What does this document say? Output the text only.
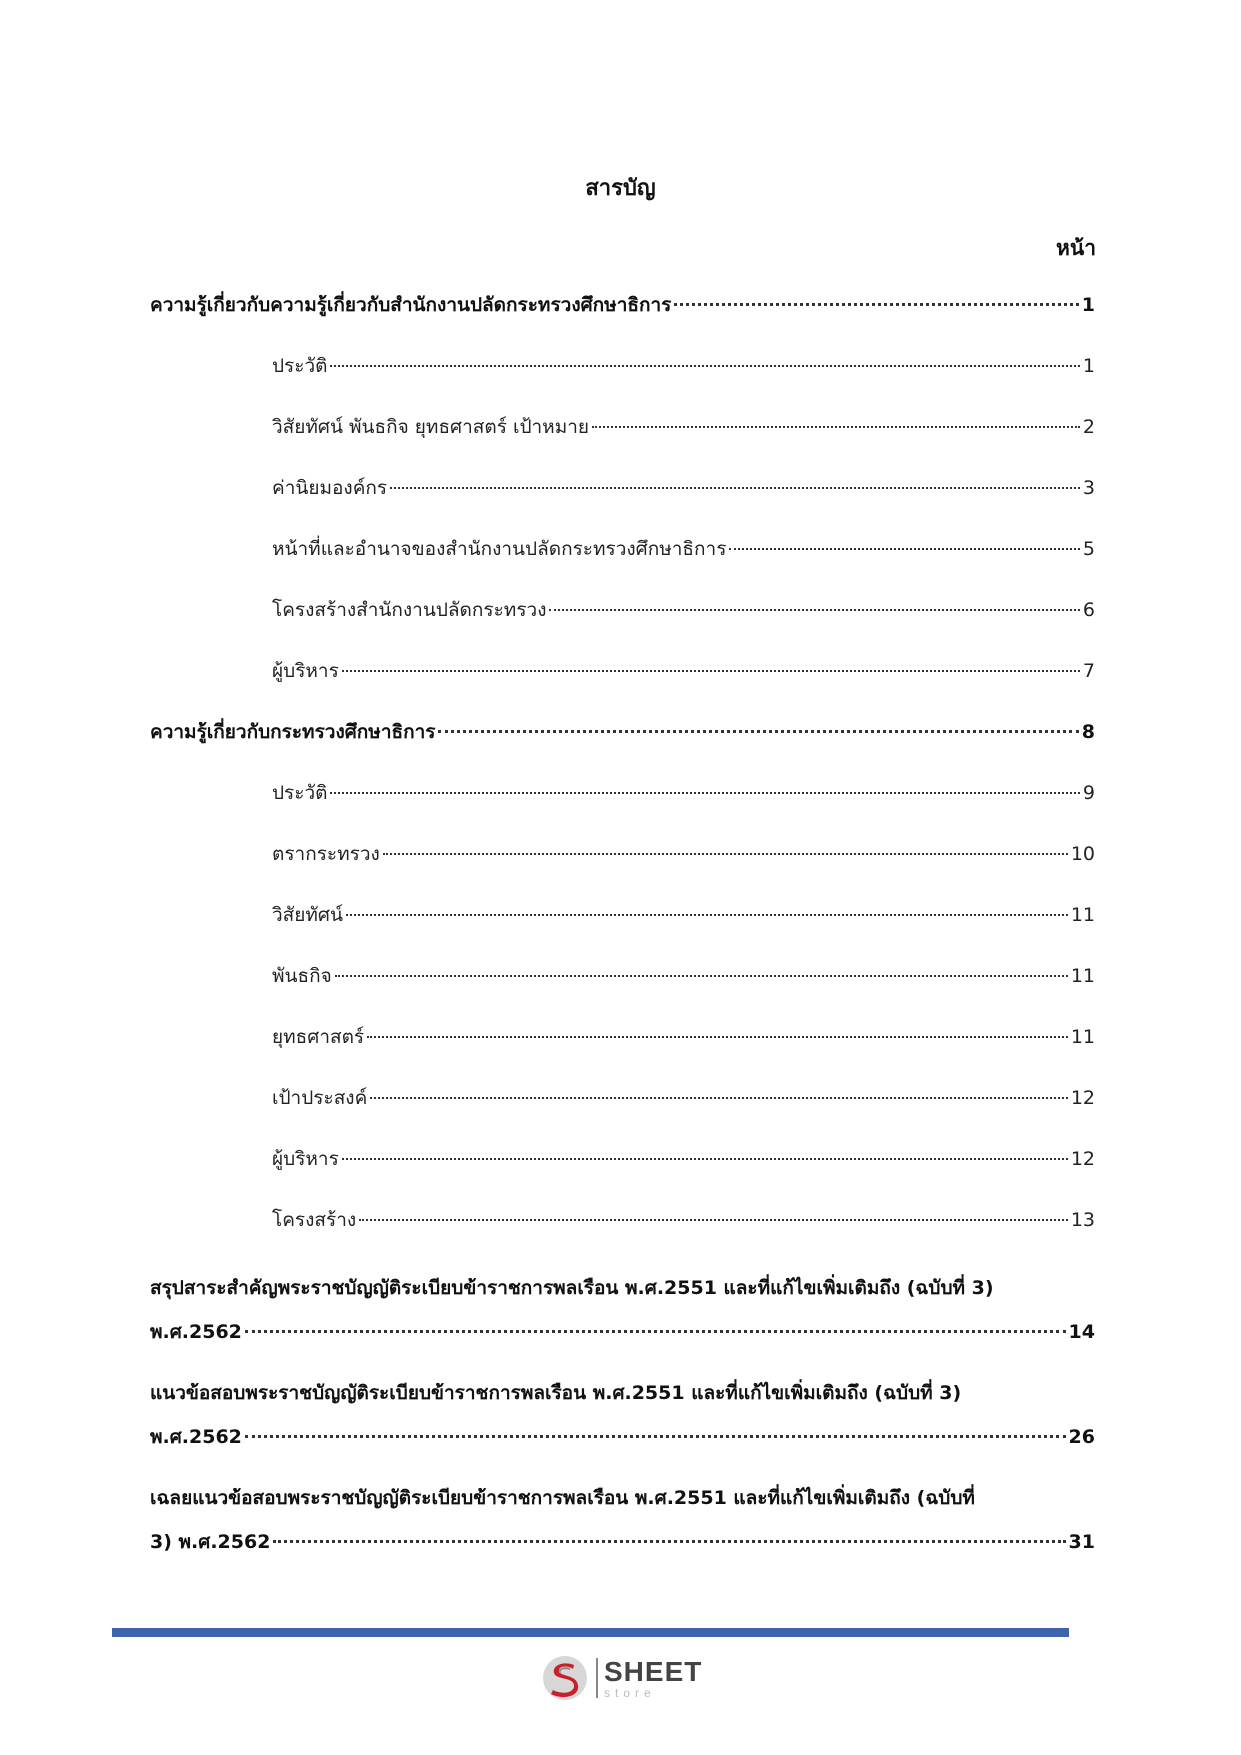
สารบัญ
หน้า
ความรู้เกี่ยวกับความรู้เกี่ยวกับสำนักงานปลัดกระทรวงศึกษาธิการ	1
ประวัติ	1
วิสัยทัศน์ พันธกิจ ยุทธศาสตร์ เป้าหมาย	2
ค่านิยมองค์กร	3
หน้าที่และอำนาจของสำนักงานปลัดกระทรวงศึกษาธิการ	5
โครงสร้างสำนักงานปลัดกระทรวง	6
ผู้บริหาร	7
ความรู้เกี่ยวกับกระทรวงศึกษาธิการ	8
ประวัติ	9
ตรากระทรวง	10
วิสัยทัศน์	11
พันธกิจ	11
ยุทธศาสตร์	11
เป้าประสงค์	12
ผู้บริหาร	12
โครงสร้าง	13
สรุปสาระสำคัญพระราชบัญญัติระเบียบข้าราชการพลเรือน พ.ศ.2551 และที่แก้ไขเพิ่มเติมถึง (ฉบับที่ 3)
พ.ศ.2562	14
แนวข้อสอบพระราชบัญญัติระเบียบข้าราชการพลเรือน พ.ศ.2551 และที่แก้ไขเพิ่มเติมถึง (ฉบับที่ 3)
พ.ศ.2562	26
เฉลยแนวข้อสอบพระราชบัญญัติระเบียบข้าราชการพลเรือน พ.ศ.2551 และที่แก้ไขเพิ่มเติมถึง (ฉบับที่
3) พ.ศ.2562	31
SHEET
store
